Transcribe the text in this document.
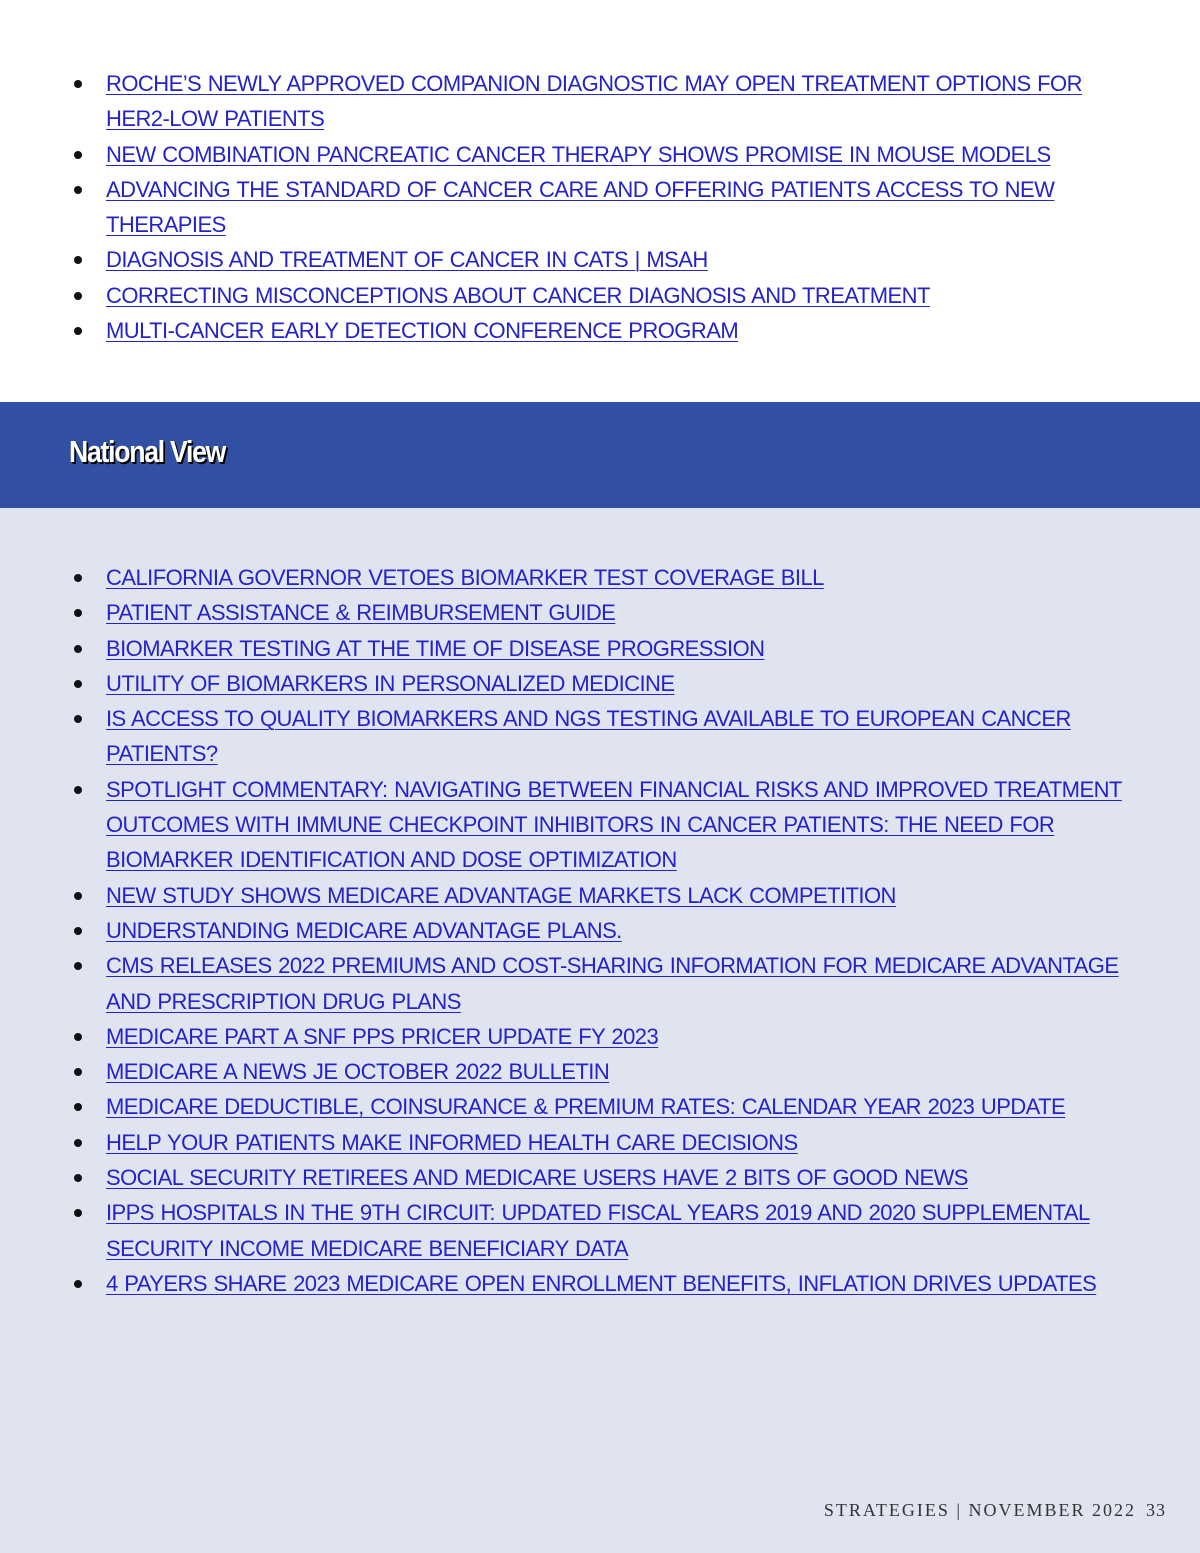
ROCHE’S NEWLY APPROVED COMPANION DIAGNOSTIC MAY OPEN TREATMENT OPTIONS FOR HER2-LOW PATIENTS
NEW COMBINATION PANCREATIC CANCER THERAPY SHOWS PROMISE IN MOUSE MODELS
ADVANCING THE STANDARD OF CANCER CARE AND OFFERING PATIENTS ACCESS TO NEW THERAPIES
DIAGNOSIS AND TREATMENT OF CANCER IN CATS | MSAH
CORRECTING MISCONCEPTIONS ABOUT CANCER DIAGNOSIS AND TREATMENT
MULTI-CANCER EARLY DETECTION CONFERENCE PROGRAM
National View
CALIFORNIA GOVERNOR VETOES BIOMARKER TEST COVERAGE BILL
PATIENT ASSISTANCE & REIMBURSEMENT GUIDE
BIOMARKER TESTING AT THE TIME OF DISEASE PROGRESSION
UTILITY OF BIOMARKERS IN PERSONALIZED MEDICINE
IS ACCESS TO QUALITY BIOMARKERS AND NGS TESTING AVAILABLE TO EUROPEAN CANCER PATIENTS?
SPOTLIGHT COMMENTARY: NAVIGATING BETWEEN FINANCIAL RISKS AND IMPROVED TREATMENT OUTCOMES WITH IMMUNE CHECKPOINT INHIBITORS IN CANCER PATIENTS: THE NEED FOR BIOMARKER IDENTIFICATION AND DOSE OPTIMIZATION
NEW STUDY SHOWS MEDICARE ADVANTAGE MARKETS LACK COMPETITION
UNDERSTANDING MEDICARE ADVANTAGE PLANS.
CMS RELEASES 2022 PREMIUMS AND COST-SHARING INFORMATION FOR MEDICARE ADVANTAGE AND PRESCRIPTION DRUG PLANS
MEDICARE PART A SNF PPS PRICER UPDATE FY 2023
MEDICARE A NEWS JE OCTOBER 2022 BULLETIN
MEDICARE DEDUCTIBLE, COINSURANCE & PREMIUM RATES: CALENDAR YEAR 2023 UPDATE
HELP YOUR PATIENTS MAKE INFORMED HEALTH CARE DECISIONS
SOCIAL SECURITY RETIREES AND MEDICARE USERS HAVE 2 BITS OF GOOD NEWS
IPPS HOSPITALS IN THE 9TH CIRCUIT: UPDATED FISCAL YEARS 2019 AND 2020 SUPPLEMENTAL SECURITY INCOME MEDICARE BENEFICIARY DATA
4 PAYERS SHARE 2023 MEDICARE OPEN ENROLLMENT BENEFITS, INFLATION DRIVES UPDATES
STRATEGIES | NOVEMBER 2022 33
